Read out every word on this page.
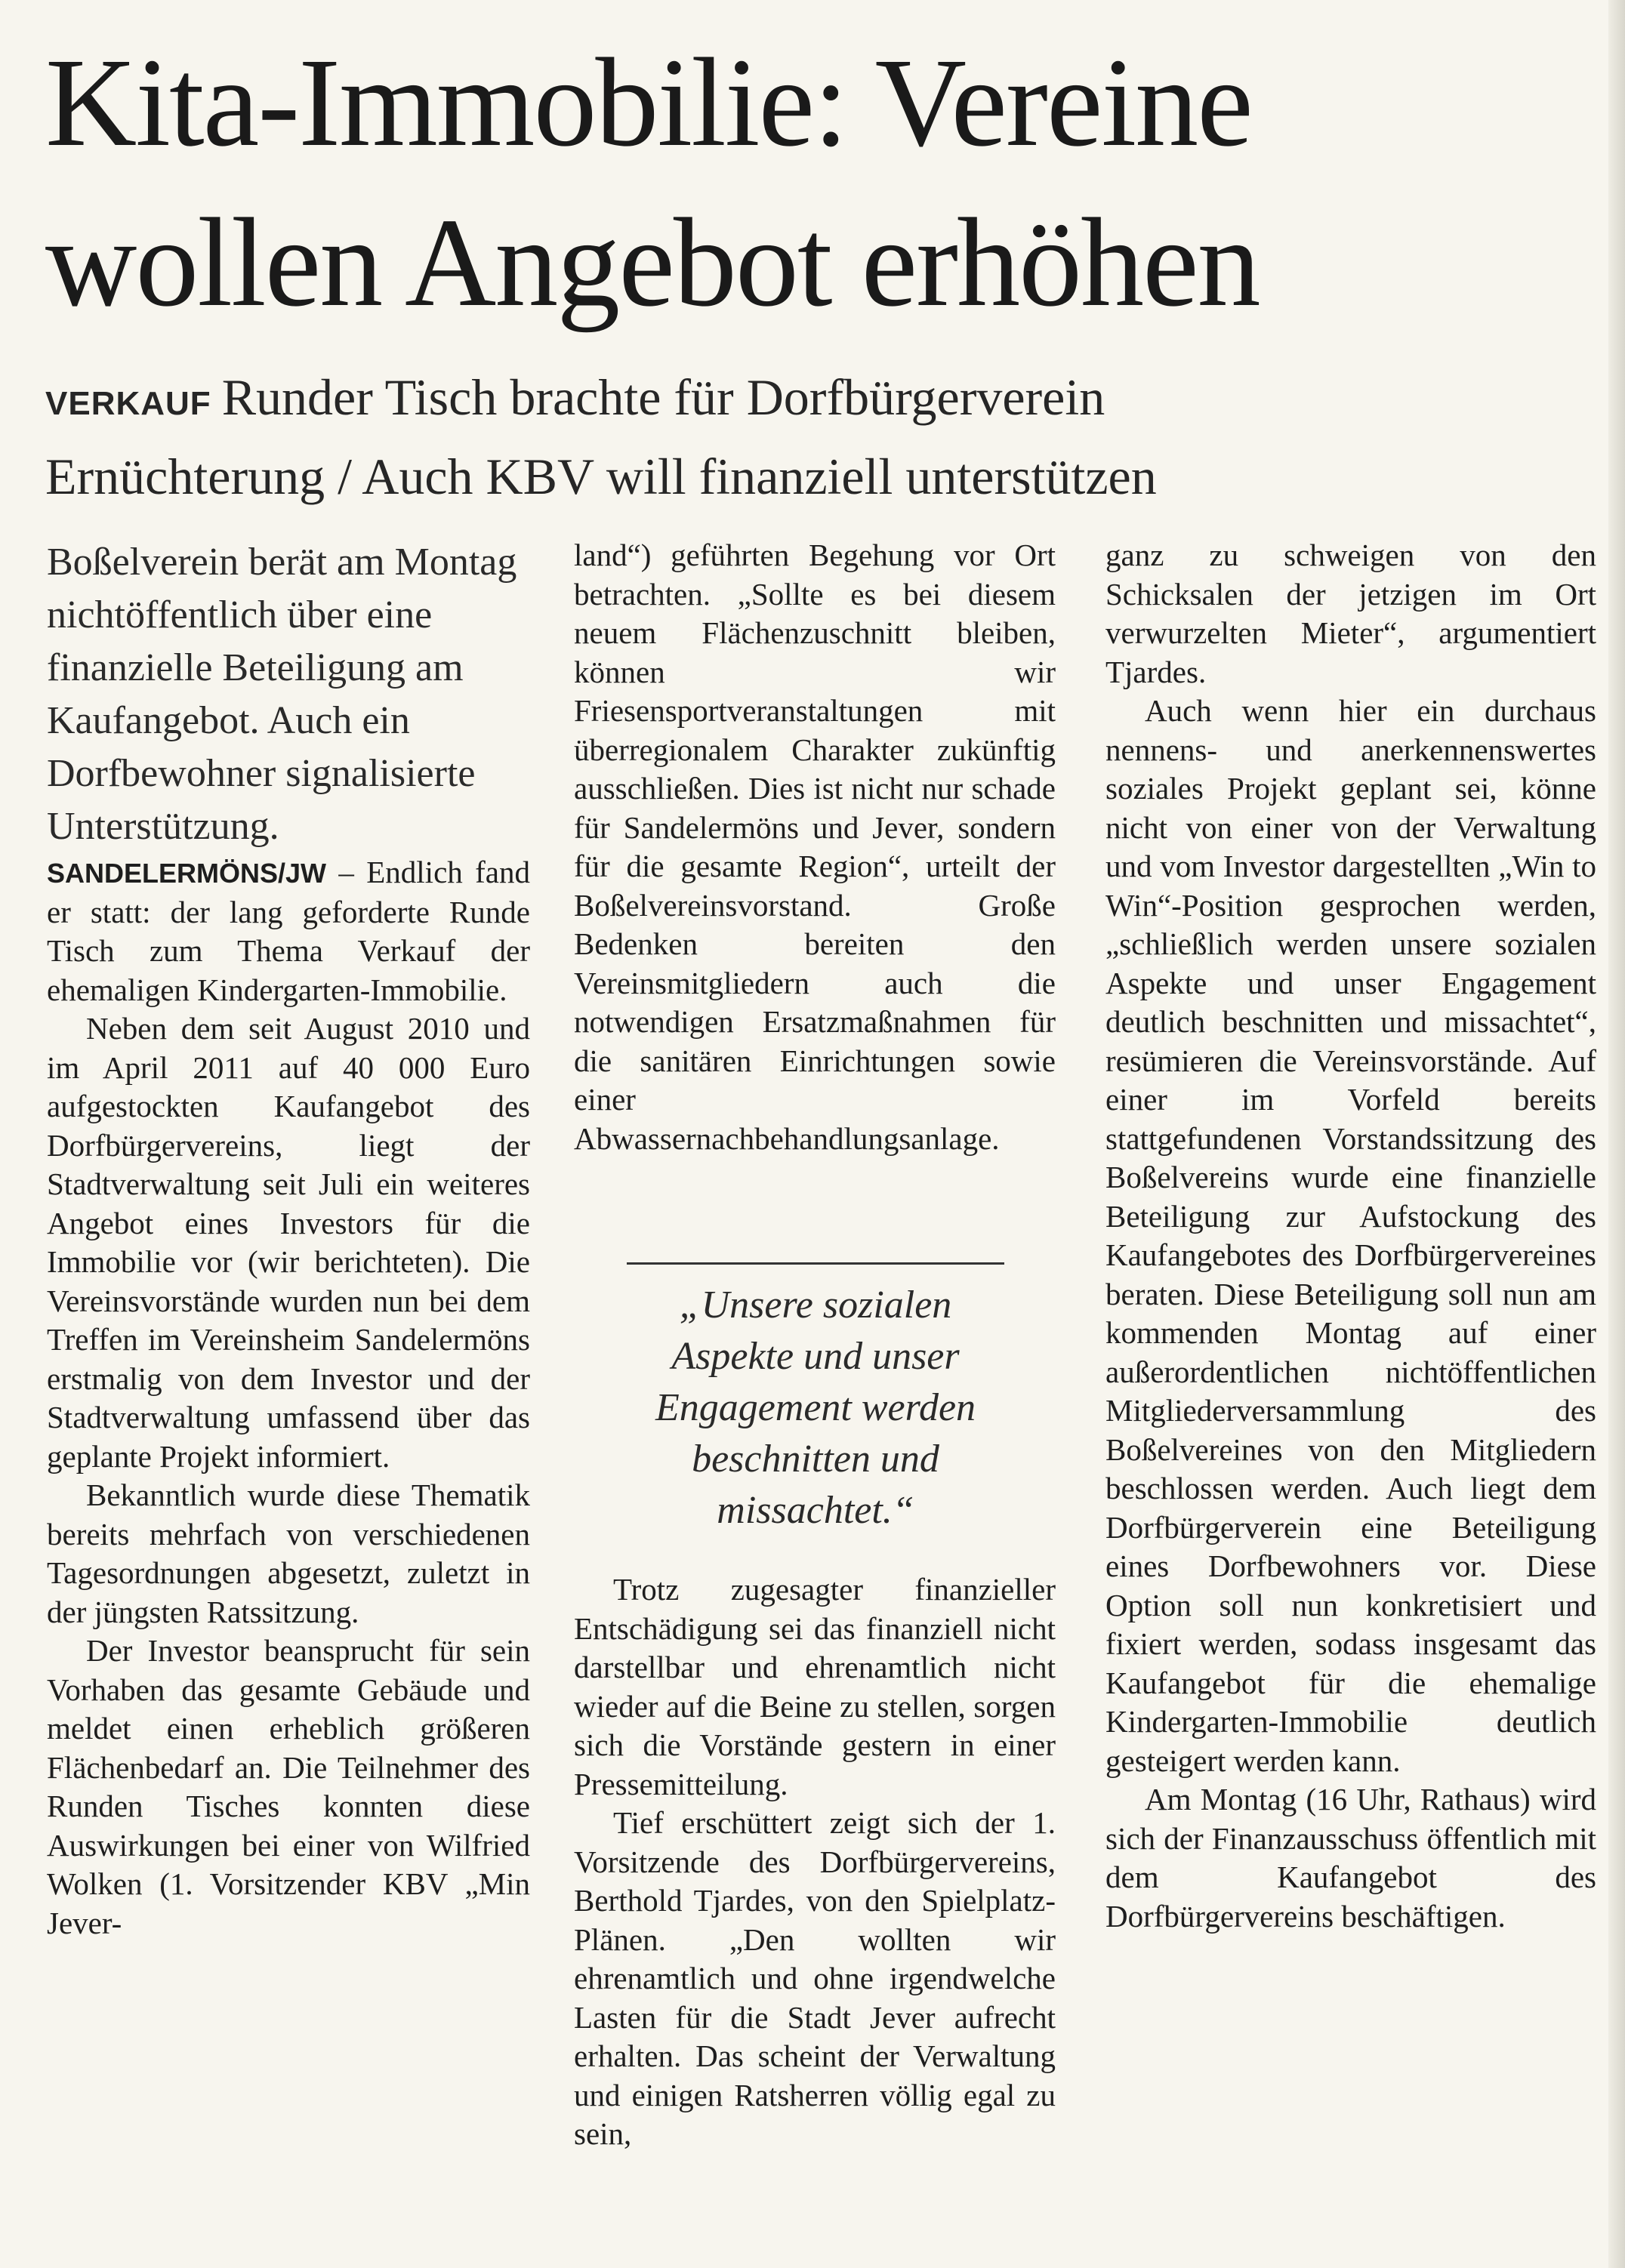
Kita-Immobilie: Vereine
wollen Angebot erhöhen
VERKAUF Runder Tisch brachte für Dorfbürgerverein
Ernüchterung / Auch KBV will finanziell unterstützen

Boßelverein berät am Montag nichtöffentlich über eine finanzielle Beteiligung am Kaufangebot. Auch ein Dorfbewohner signalisierte Unterstützung.

SANDELERMÖNS/JW – Endlich fand er statt: der lang geforderte Runde Tisch zum Thema Verkauf der ehemaligen Kindergarten-Immobilie.

Neben dem seit August 2010 und im April 2011 auf 40 000 Euro aufgestockten Kaufangebot des Dorfbürgervereins, liegt der Stadtverwaltung seit Juli ein weiteres Angebot eines Investors für die Immobilie vor (wir berichteten). Die Vereinsvorstände wurden nun bei dem Treffen im Vereinsheim Sandelermöns erstmalig von dem Investor und der Stadtverwaltung umfassend über das geplante Projekt informiert.

Bekanntlich wurde diese Thematik bereits mehrfach von verschiedenen Tagesordnungen abgesetzt, zuletzt in der jüngsten Ratssitzung.

Der Investor beansprucht für sein Vorhaben das gesamte Gebäude und meldet einen erheblich größeren Flächenbedarf an. Die Teilnehmer des Runden Tisches konnten diese Auswirkungen bei einer von Wilfried Wolken (1. Vorsitzender KBV „Min Jever-

land“) geführten Begehung vor Ort betrachten. „Sollte es bei diesem neuem Flächenzuschnitt bleiben, können wir Friesensportveranstaltungen mit überregionalem Charakter zukünftig ausschließen. Dies ist nicht nur schade für Sandelermöns und Jever, sondern für die gesamte Region“, urteilt der Boßelvereinsvorstand. Große Bedenken bereiten den Vereinsmitgliedern auch die notwendigen Ersatzmaßnahmen für die sanitären Einrichtungen sowie einer Abwassernachbehandlungsanlage.

„Unsere sozialen Aspekte und unser Engagement werden beschnitten und missachtet.“

Trotz zugesagter finanzieller Entschädigung sei das finanziell nicht darstellbar und ehrenamtlich nicht wieder auf die Beine zu stellen, sorgen sich die Vorstände gestern in einer Pressemitteilung.

Tief erschüttert zeigt sich der 1. Vorsitzende des Dorfbürgervereins, Berthold Tjardes, von den Spielplatz-Plänen. „Den wollten wir ehrenamtlich und ohne irgendwelche Lasten für die Stadt Jever aufrecht erhalten. Das scheint der Verwaltung und einigen Ratsherren völlig egal zu sein,

ganz zu schweigen von den Schicksalen der jetzigen im Ort verwurzelten Mieter“, argumentiert Tjardes.

Auch wenn hier ein durchaus nennens- und anerkennenswertes soziales Projekt geplant sei, könne nicht von einer von der Verwaltung und vom Investor dargestellten „Win to Win“-Position gesprochen werden, „schließlich werden unsere sozialen Aspekte und unser Engagement deutlich beschnitten und missachtet“, resümieren die Vereinsvorstände. Auf einer im Vorfeld bereits stattgefundenen Vorstandssitzung des Boßelvereins wurde eine finanzielle Beteiligung zur Aufstockung des Kaufangebotes des Dorfbürgervereines beraten. Diese Beteiligung soll nun am kommenden Montag auf einer außerordentlichen nichtöffentlichen Mitgliederversammlung des Boßelvereines von den Mitgliedern beschlossen werden. Auch liegt dem Dorfbürgerverein eine Beteiligung eines Dorfbewohners vor. Diese Option soll nun konkretisiert und fixiert werden, sodass insgesamt das Kaufangebot für die ehemalige Kindergarten-Immobilie deutlich gesteigert werden kann.

Am Montag (16 Uhr, Rathaus) wird sich der Finanzausschuss öffentlich mit dem Kaufangebot des Dorfbürgervereins beschäftigen.
